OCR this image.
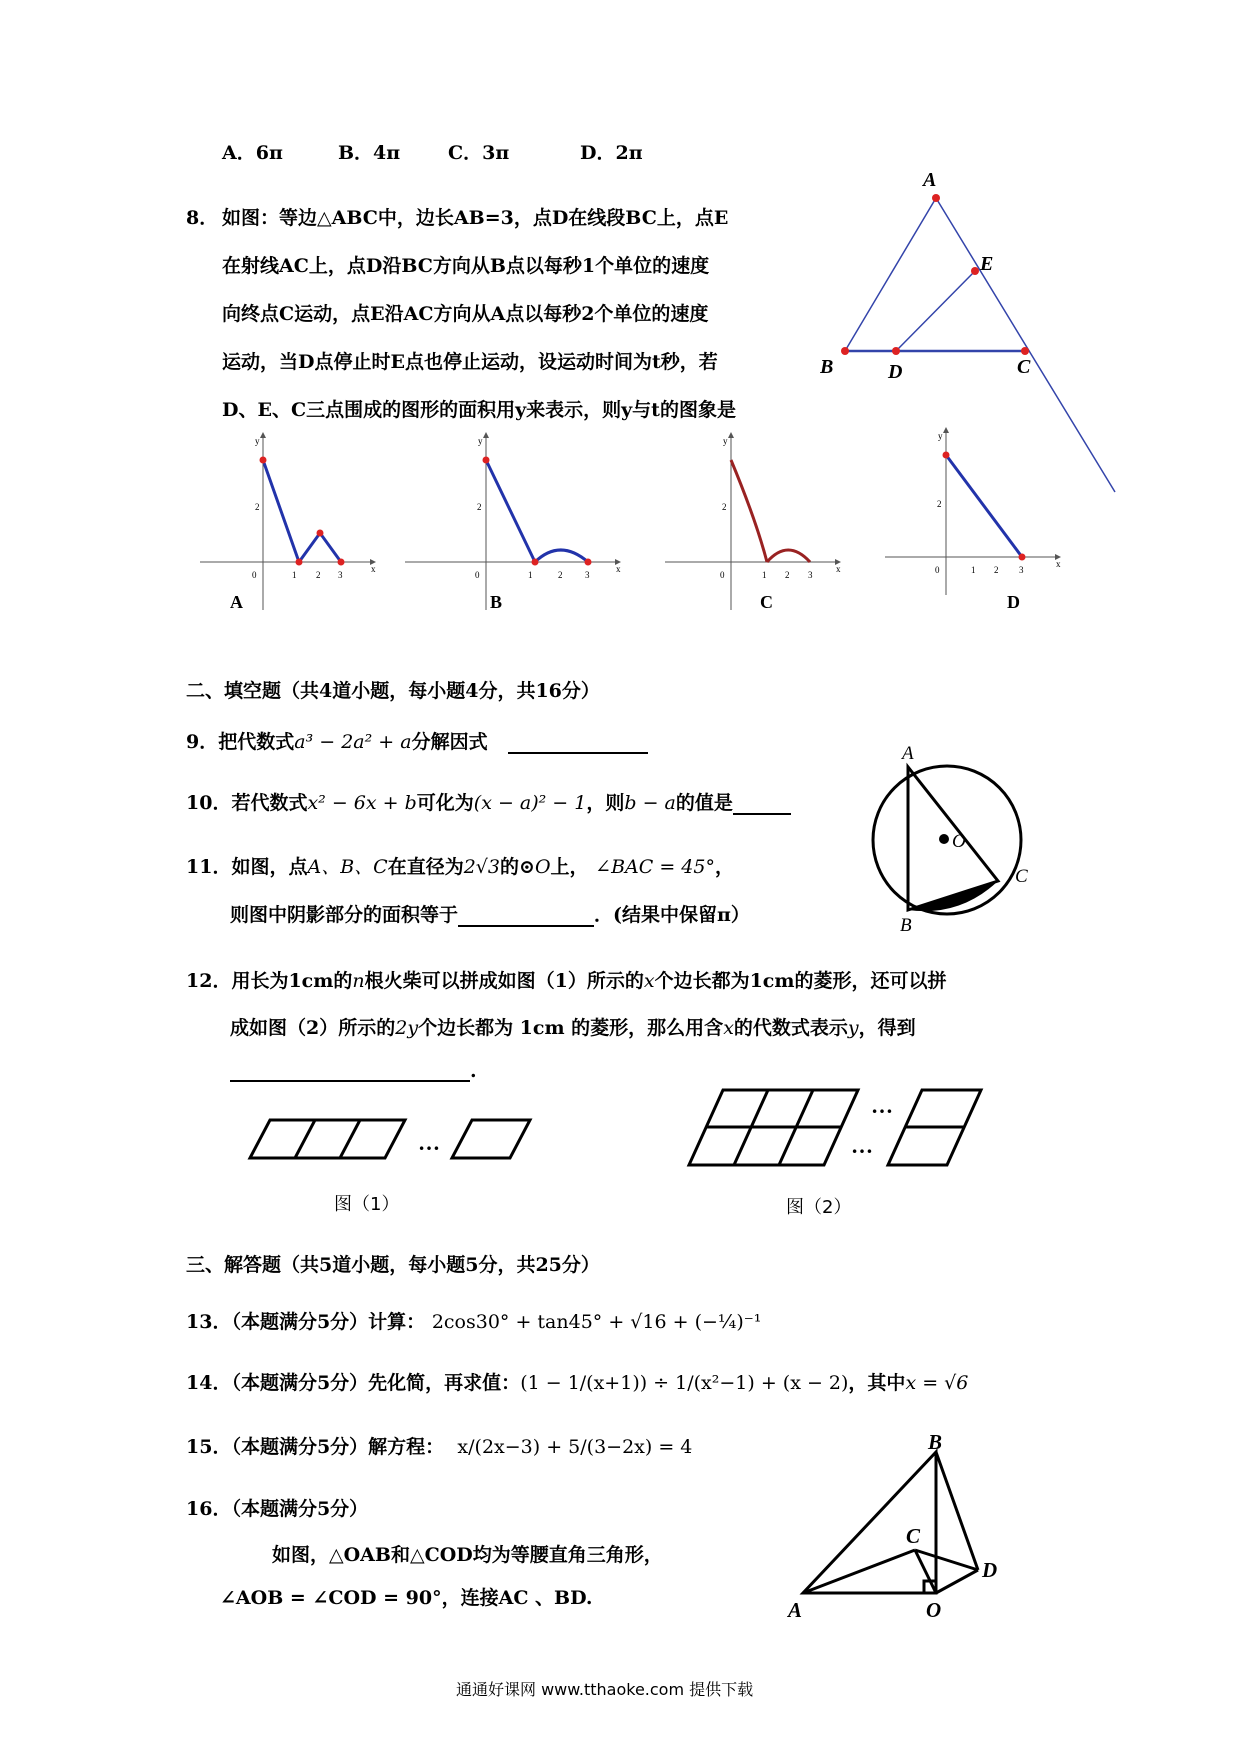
A．6π	B．4π	C．3π	D．2π
8． 如图：等边△ABC中，边长AB=3，点D在线段BC上，点E
在射线AC上，点D沿BC方向从B点以每秒1个单位的速度
向终点C运动，点E沿AC方向从A点以每秒2个单位的速度
运动，当D点停止时E点也停止运动，设运动时间为t秒，若
D、E、C三点围成的图形的面积用y来表示，则y与t的图象是
A
E
B	D	C
0	1 2 3
y
2
x
A
0	1	2	3
y
2
x
B
0	1 2 3
y
2
x
C
0	1 2 3
y
2
x
D
二、填空题（共4道小题，每小题4分，共16分）
9．把代数式a³ − 2a² + a分解因式
10．若代数式x² − 6x + b可化为(x − a)² − 1，则b − a的值是
11．如图，点A、B、C在直径为2√3的⊙O上， ∠BAC = 45°，
则图中阴影部分的面积等于	．(结果中保留π）
A
O
C
B
12．用长为1cm的n根火柴可以拼成如图（1）所示的x个边长都为1cm的菱形，还可以拼
成如图（2）所示的2y个边长都为 1cm 的菱形，那么用含x的代数式表示y，得到
.
…
图（1）
…
…
图（2）
三、解答题（共5道小题，每小题5分，共25分）
13．（本题满分5分）计算： 2cos30° + tan45° + √16 + (−¼)⁻¹
14．（本题满分5分）先化简，再求值：(1 − 1/(x+1)) ÷ 1/(x²−1) + (x − 2)，其中x = √6
15．（本题满分5分）解方程： x/(2x−3) + 5/(3−2x) = 4
16．（本题满分5分）
如图，△OAB和△COD均为等腰直角三角形，
∠AOB = ∠COD = 90°，连接AC 、BD.
B
C
D
A	O
通通好课网 www.tthaoke.com 提供下载
